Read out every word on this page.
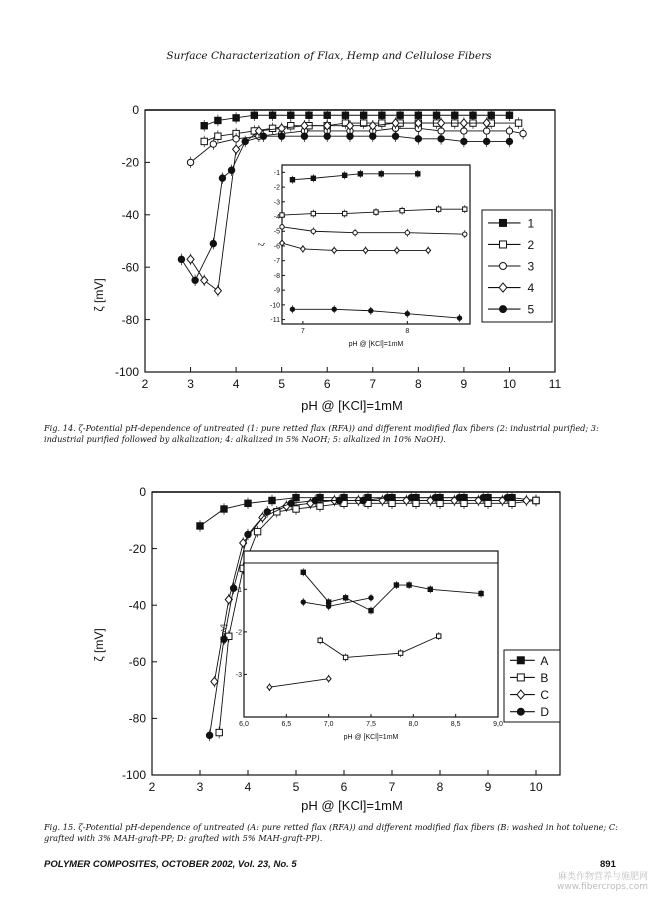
Surface Characterization of Flax, Hemp and Cellulose Fibers
2	3	4	5	6	7	8	9	10	11
0
-20
-40
-60
-80
-100
7	8
-1
-2
-3
-4
-5
-6
-7
-8
-9
-10
-11
pH @ [KCl]=1mM
ζ
1
2
3
4
5
pH @ [KCl]=1mM
ζ [mV]
Fig. 14. ζ-Potential pH-dependence of untreated (1: pure retted flax (RFA)) and different modified flax fibers (2: industrial purified; 3: industrial purified followed by alkalization; 4: alkalized in 5% NaOH; 5: alkalized in 10% NaOH).
2	3	4	5	6	7	8	9	10
0
-20
-40
-60
-80
-100
6,0	6,5	7,0	7,5	8,0	8,5	9,0
-1
-2
-3
pH @ [KCl]=1mM
ζ [mV]
A
B
C
D
pH @ [KCl]=1mM
ζ [mV]
Fig. 15. ζ-Potential pH-dependence of untreated (A: pure retted flax (RFA)) and different modified flax fibers (B: washed in hot toluene; C: grafted with 3% MAH-graft-PP; D: grafted with 5% MAH-graft-PP).
POLYMER COMPOSITES, OCTOBER 2002, Vol. 23, No. 5	891
麻类作物营养与施肥网
www.fibercrops.com
